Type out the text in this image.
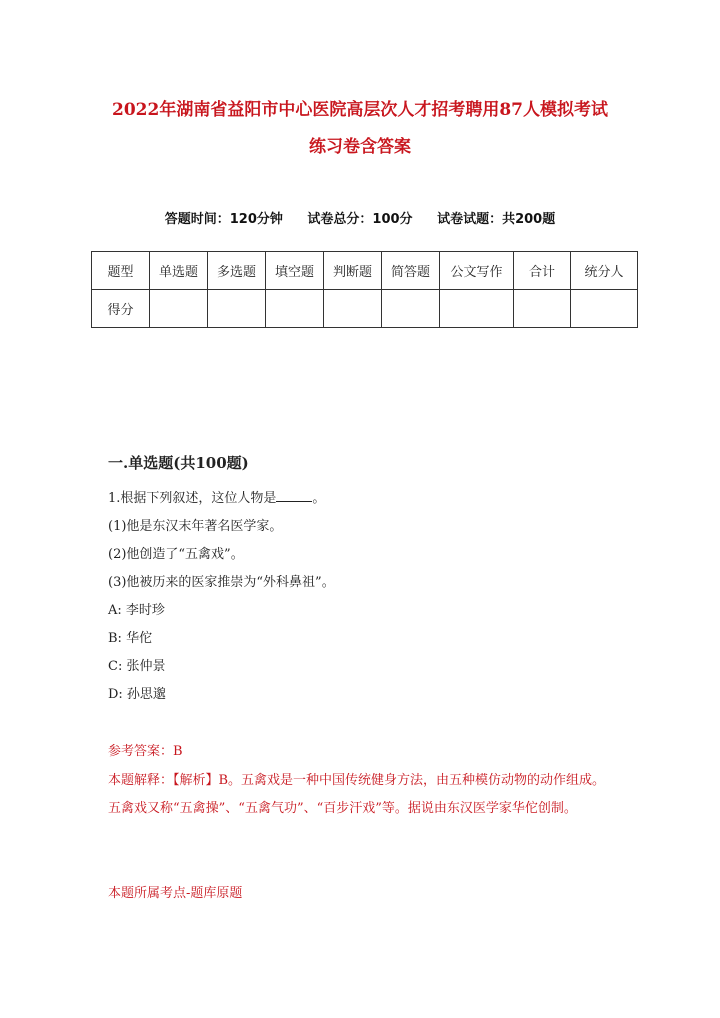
2022年湖南省益阳市中心医院高层次人才招考聘用87人模拟考试
练习卷含答案
答题时间：120分钟 试卷总分：100分 试卷试题：共200题
题型	单选题	多选题	填空题	判断题	简答题	公文写作	合计	统分人
得分								
一.单选题(共100题)
1.根据下列叙述，这位人物是	。
(1)他是东汉末年著名医学家。
(2)他创造了“五禽戏”。
(3)他被历来的医家推崇为“外科鼻祖”。
A: 李时珍
B: 华佗
C: 张仲景
D: 孙思邈
参考答案：B
本题解释：【解析】B。五禽戏是一种中国传统健身方法，由五种模仿动物的动作组成。五禽戏又称“五禽操”、“五禽气功”、“百步汗戏”等。据说由东汉医学家华佗创制。
本题所属考点-题库原题
